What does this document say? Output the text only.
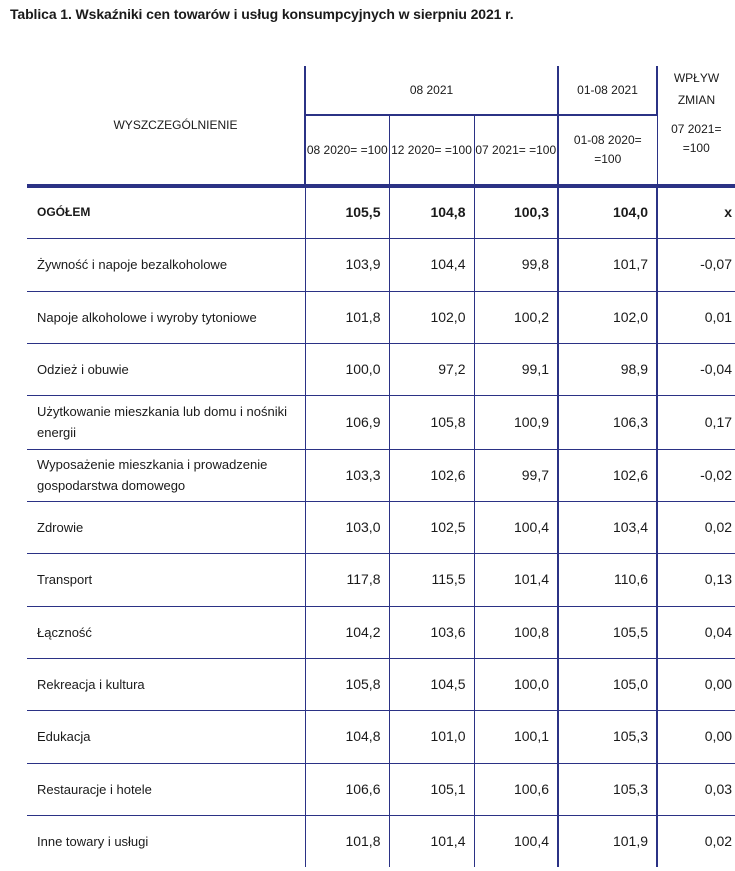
Tablica 1. Wskaźniki cen towarów i usług konsumpcyjnych w sierpniu 2021 r.
WYSZCZEGÓLNIENIE	08 2021			01-08 2021	WPŁYW ZMIAN
	08 2020= =100	12 2020= =100	07 2021= =100	01-08 2020= =100	07 2021= =100
OGÓŁEM	105,5	104,8	100,3	104,0	x
Żywność i napoje bezalkoholowe	103,9	104,4	99,8	101,7	-0,07
Napoje alkoholowe i wyroby tytoniowe	101,8	102,0	100,2	102,0	0,01
Odzież i obuwie	100,0	97,2	99,1	98,9	-0,04
Użytkowanie mieszkania lub domu i nośniki energii	106,9	105,8	100,9	106,3	0,17
Wyposażenie mieszkania i prowadzenie gospodarstwa domowego	103,3	102,6	99,7	102,6	-0,02
Zdrowie	103,0	102,5	100,4	103,4	0,02
Transport	117,8	115,5	101,4	110,6	0,13
Łączność	104,2	103,6	100,8	105,5	0,04
Rekreacja i kultura	105,8	104,5	100,0	105,0	0,00
Edukacja	104,8	101,0	100,1	105,3	0,00
Restauracje i hotele	106,6	105,1	100,6	105,3	0,03
Inne towary i usługi	101,8	101,4	100,4	101,9	0,02
